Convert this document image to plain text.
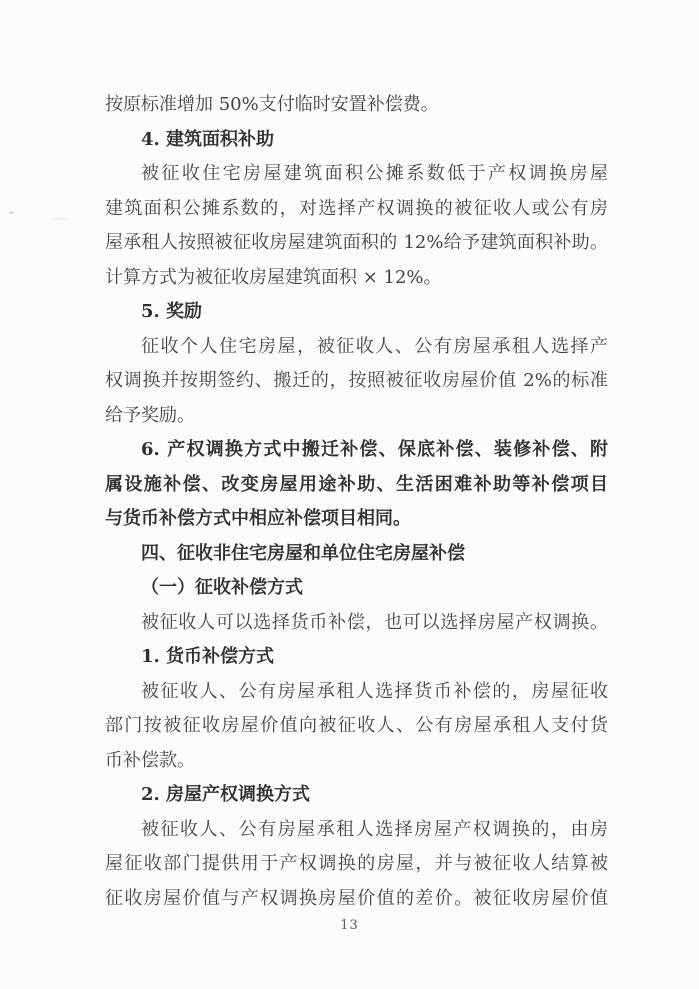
按原标准增加 50%支付临时安置补偿费。

4. 建筑面积补助

被征收住宅房屋建筑面积公摊系数低于产权调换房屋

建筑面积公摊系数的，对选择产权调换的被征收人或公有房

屋承租人按照被征收房屋建筑面积的 12%给予建筑面积补助。

计算方式为被征收房屋建筑面积 × 12%。

5. 奖励

征收个人住宅房屋，被征收人、公有房屋承租人选择产

权调换并按期签约、搬迁的，按照被征收房屋价值 2%的标准

给予奖励。

6. 产权调换方式中搬迁补偿、保底补偿、装修补偿、附

属设施补偿、改变房屋用途补助、生活困难补助等补偿项目

与货币补偿方式中相应补偿项目相同。

四、征收非住宅房屋和单位住宅房屋补偿

（一）征收补偿方式

被征收人可以选择货币补偿，也可以选择房屋产权调换。

1. 货币补偿方式

被征收人、公有房屋承租人选择货币补偿的，房屋征收

部门按被征收房屋价值向被征收人、公有房屋承租人支付货

币补偿款。

2. 房屋产权调换方式

被征收人、公有房屋承租人选择房屋产权调换的，由房

屋征收部门提供用于产权调换的房屋，并与被征收人结算被

征收房屋价值与产权调换房屋价值的差价。被征收房屋价值

13
